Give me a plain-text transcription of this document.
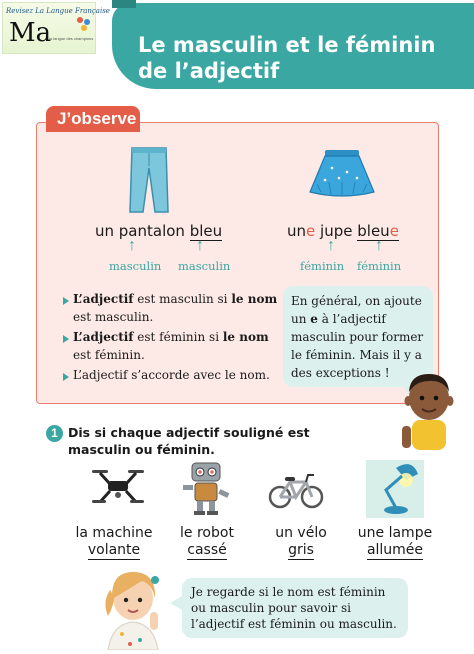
Revisez La Langue Française
Ma
la langue des champions Le masculin et le féminin
de l’adjectif
J’observe
un pantalon bleu
↑	↑
masculin masculin
une jupe bleue
↑	↑
féminin féminin
L’adjectif est masculin si le nom est masculin.
L’adjectif est féminin si le nom est féminin.
L’adjectif s’accorde avec le nom.
En général, on ajoute un e à l’adjectif masculin pour former le féminin. Mais il y a des exceptions !
1 Dis si chaque adjectif souligné est masculin ou féminin.
la machine
volante
le robot
cassé
un vélo
gris
une lampe
allumée
Je regarde si le nom est féminin ou masculin pour savoir si l’adjectif est féminin ou masculin.
